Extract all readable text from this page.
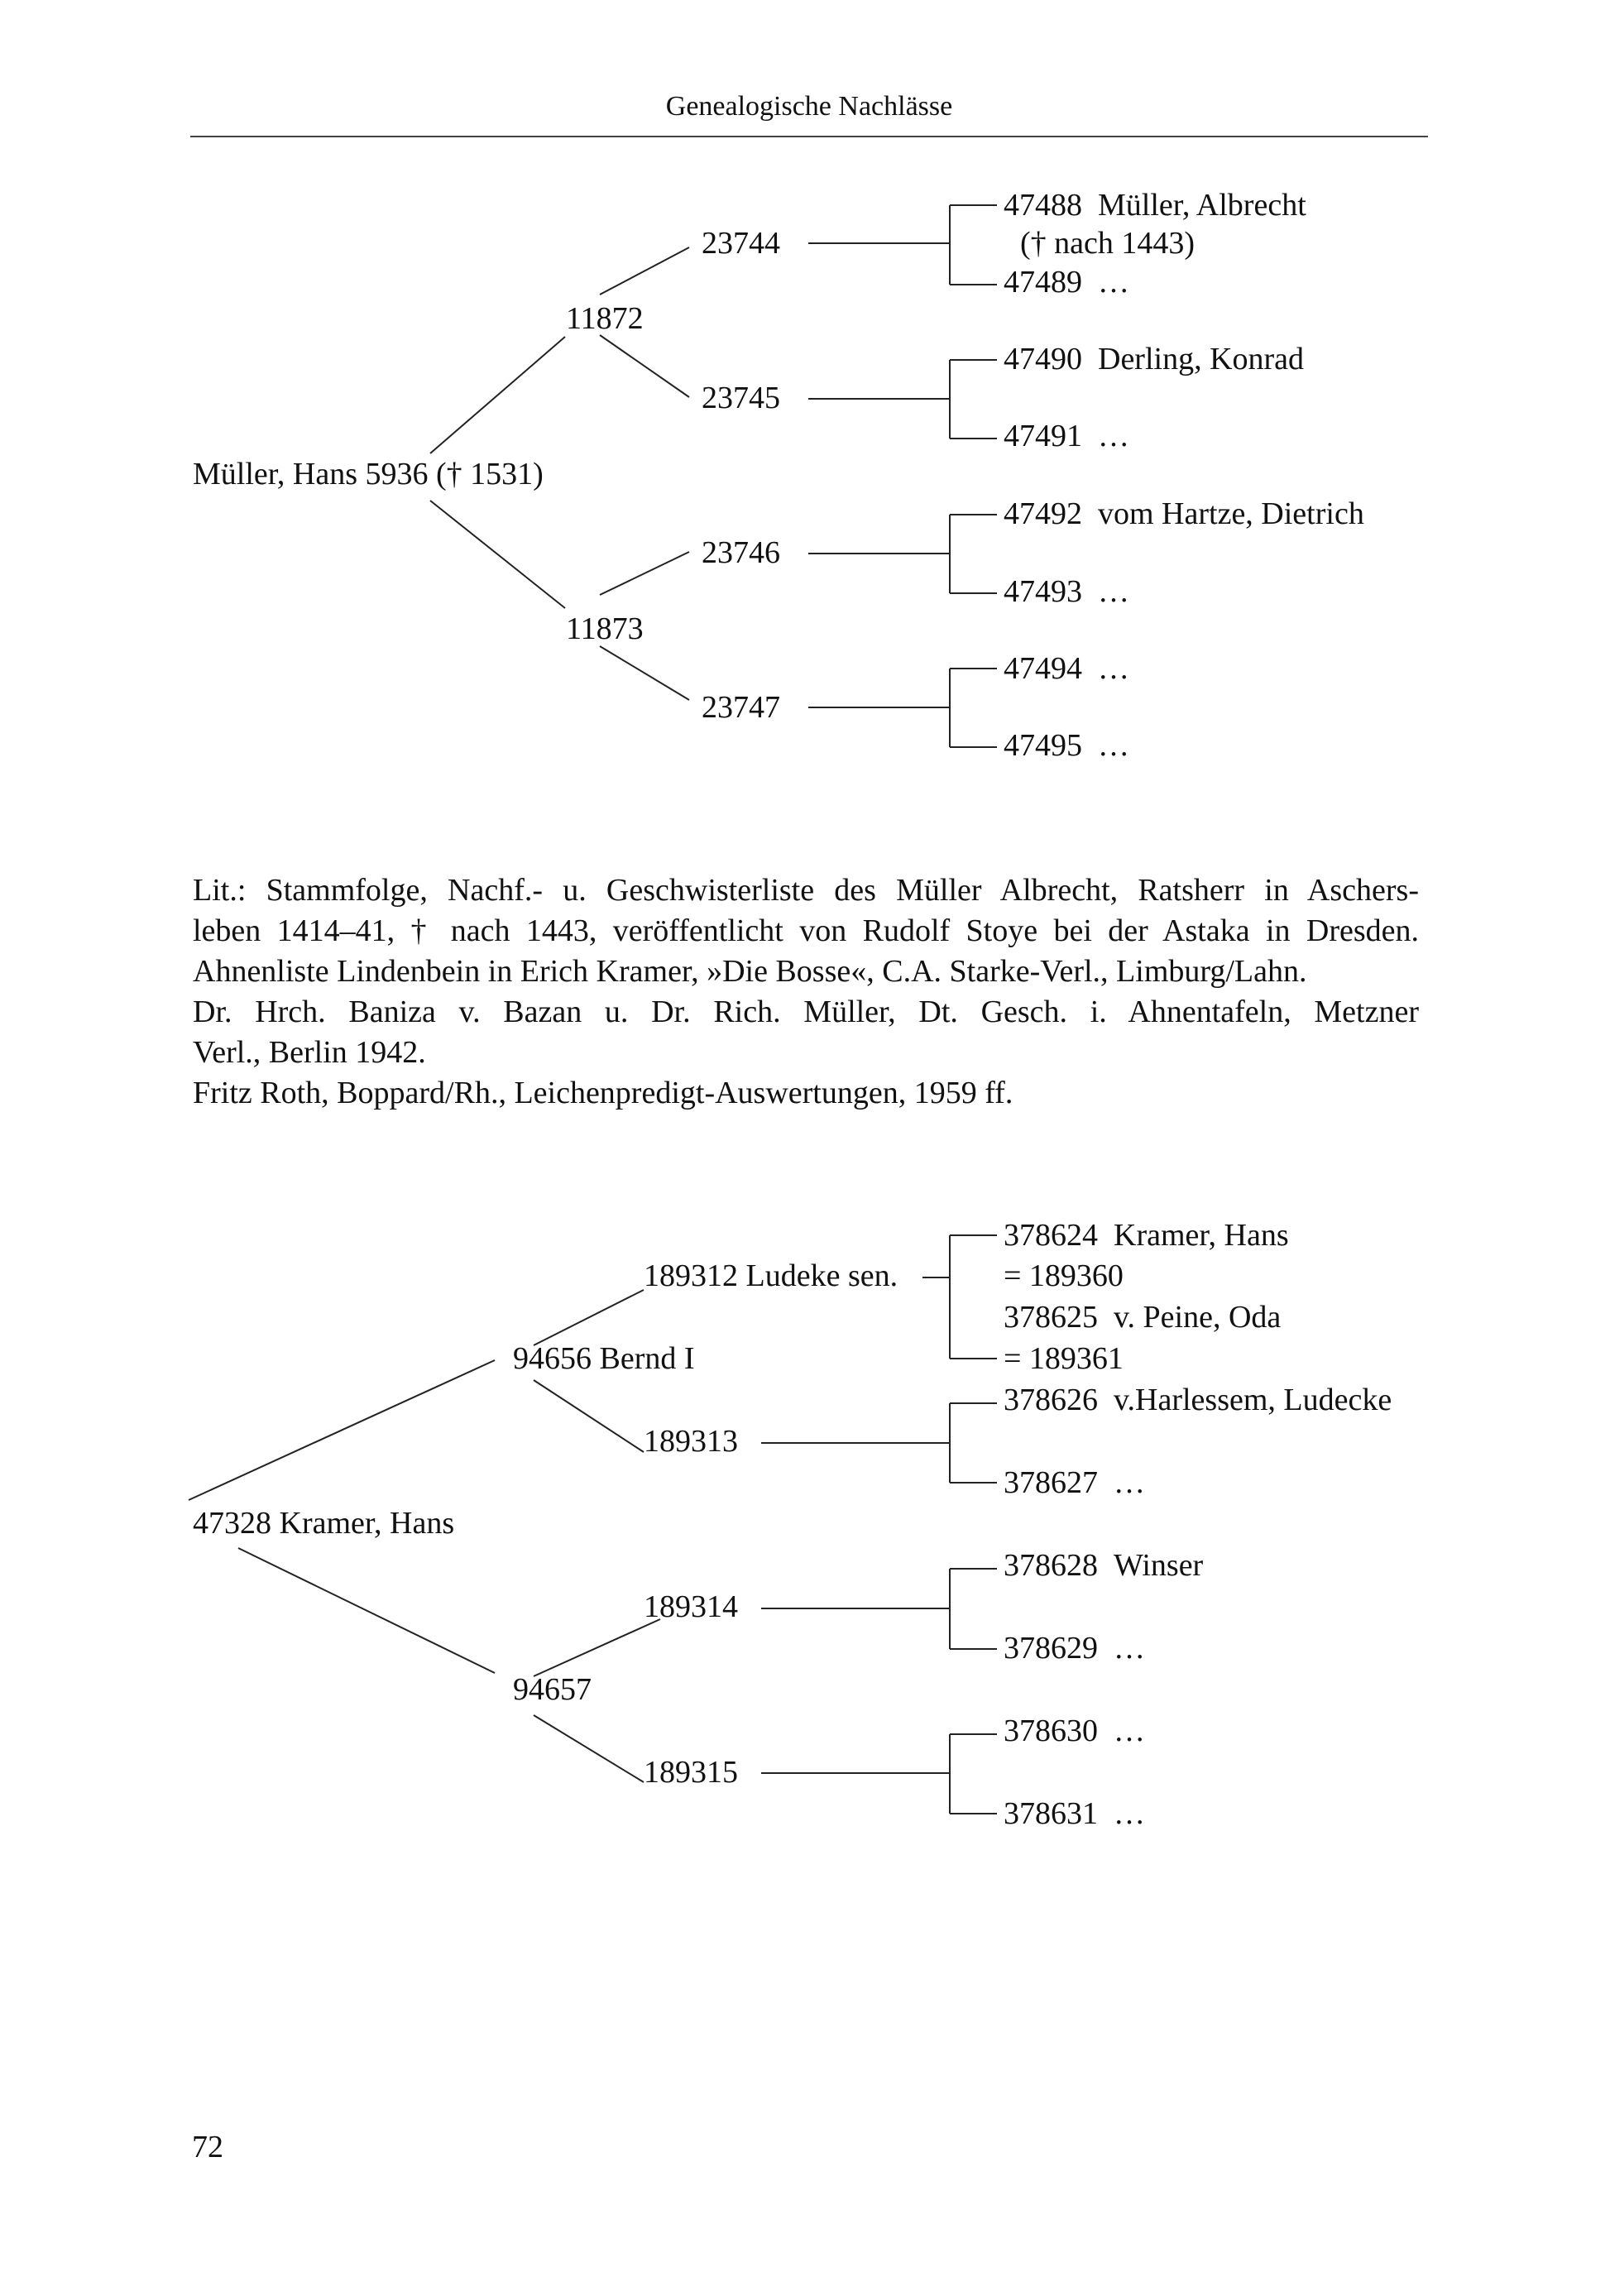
Genealogische Nachlässe
Müller, Hans 5936 († 1531)
11872
11873
23744
23745
23746
23747
47488 Müller, Albrecht
(† nach 1443)
47489 …
47490 Derling, Konrad
47491 …
47492 vom Hartze, Dietrich
47493 …
47494 …
47495 …

Lit.: Stammfolge, Nachf.- u. Geschwisterliste des Müller Albrecht, Ratsherr in Aschers-

leben 1414–41, † nach 1443, veröffentlicht von Rudolf Stoye bei der Astaka in Dresden.

Ahnenliste Lindenbein in Erich Kramer, »Die Bosse«, C.A. Starke-Verl., Limburg/Lahn.

Dr. Hrch. Baniza v. Bazan u. Dr. Rich. Müller, Dt. Gesch. i. Ahnentafeln, Metzner

Verl., Berlin 1942.

Fritz Roth, Boppard/Rh., Leichenpredigt-Auswertungen, 1959 ff.

47328 Kramer, Hans
94656 Bernd I
94657
189312 Ludeke sen.
189313
189314
189315
378624 Kramer, Hans
= 189360
378625 v. Peine, Oda
= 189361
378626 v.Harlessem, Ludecke
378627 …
378628 Winser
378629 …
378630 …
378631 …
72
